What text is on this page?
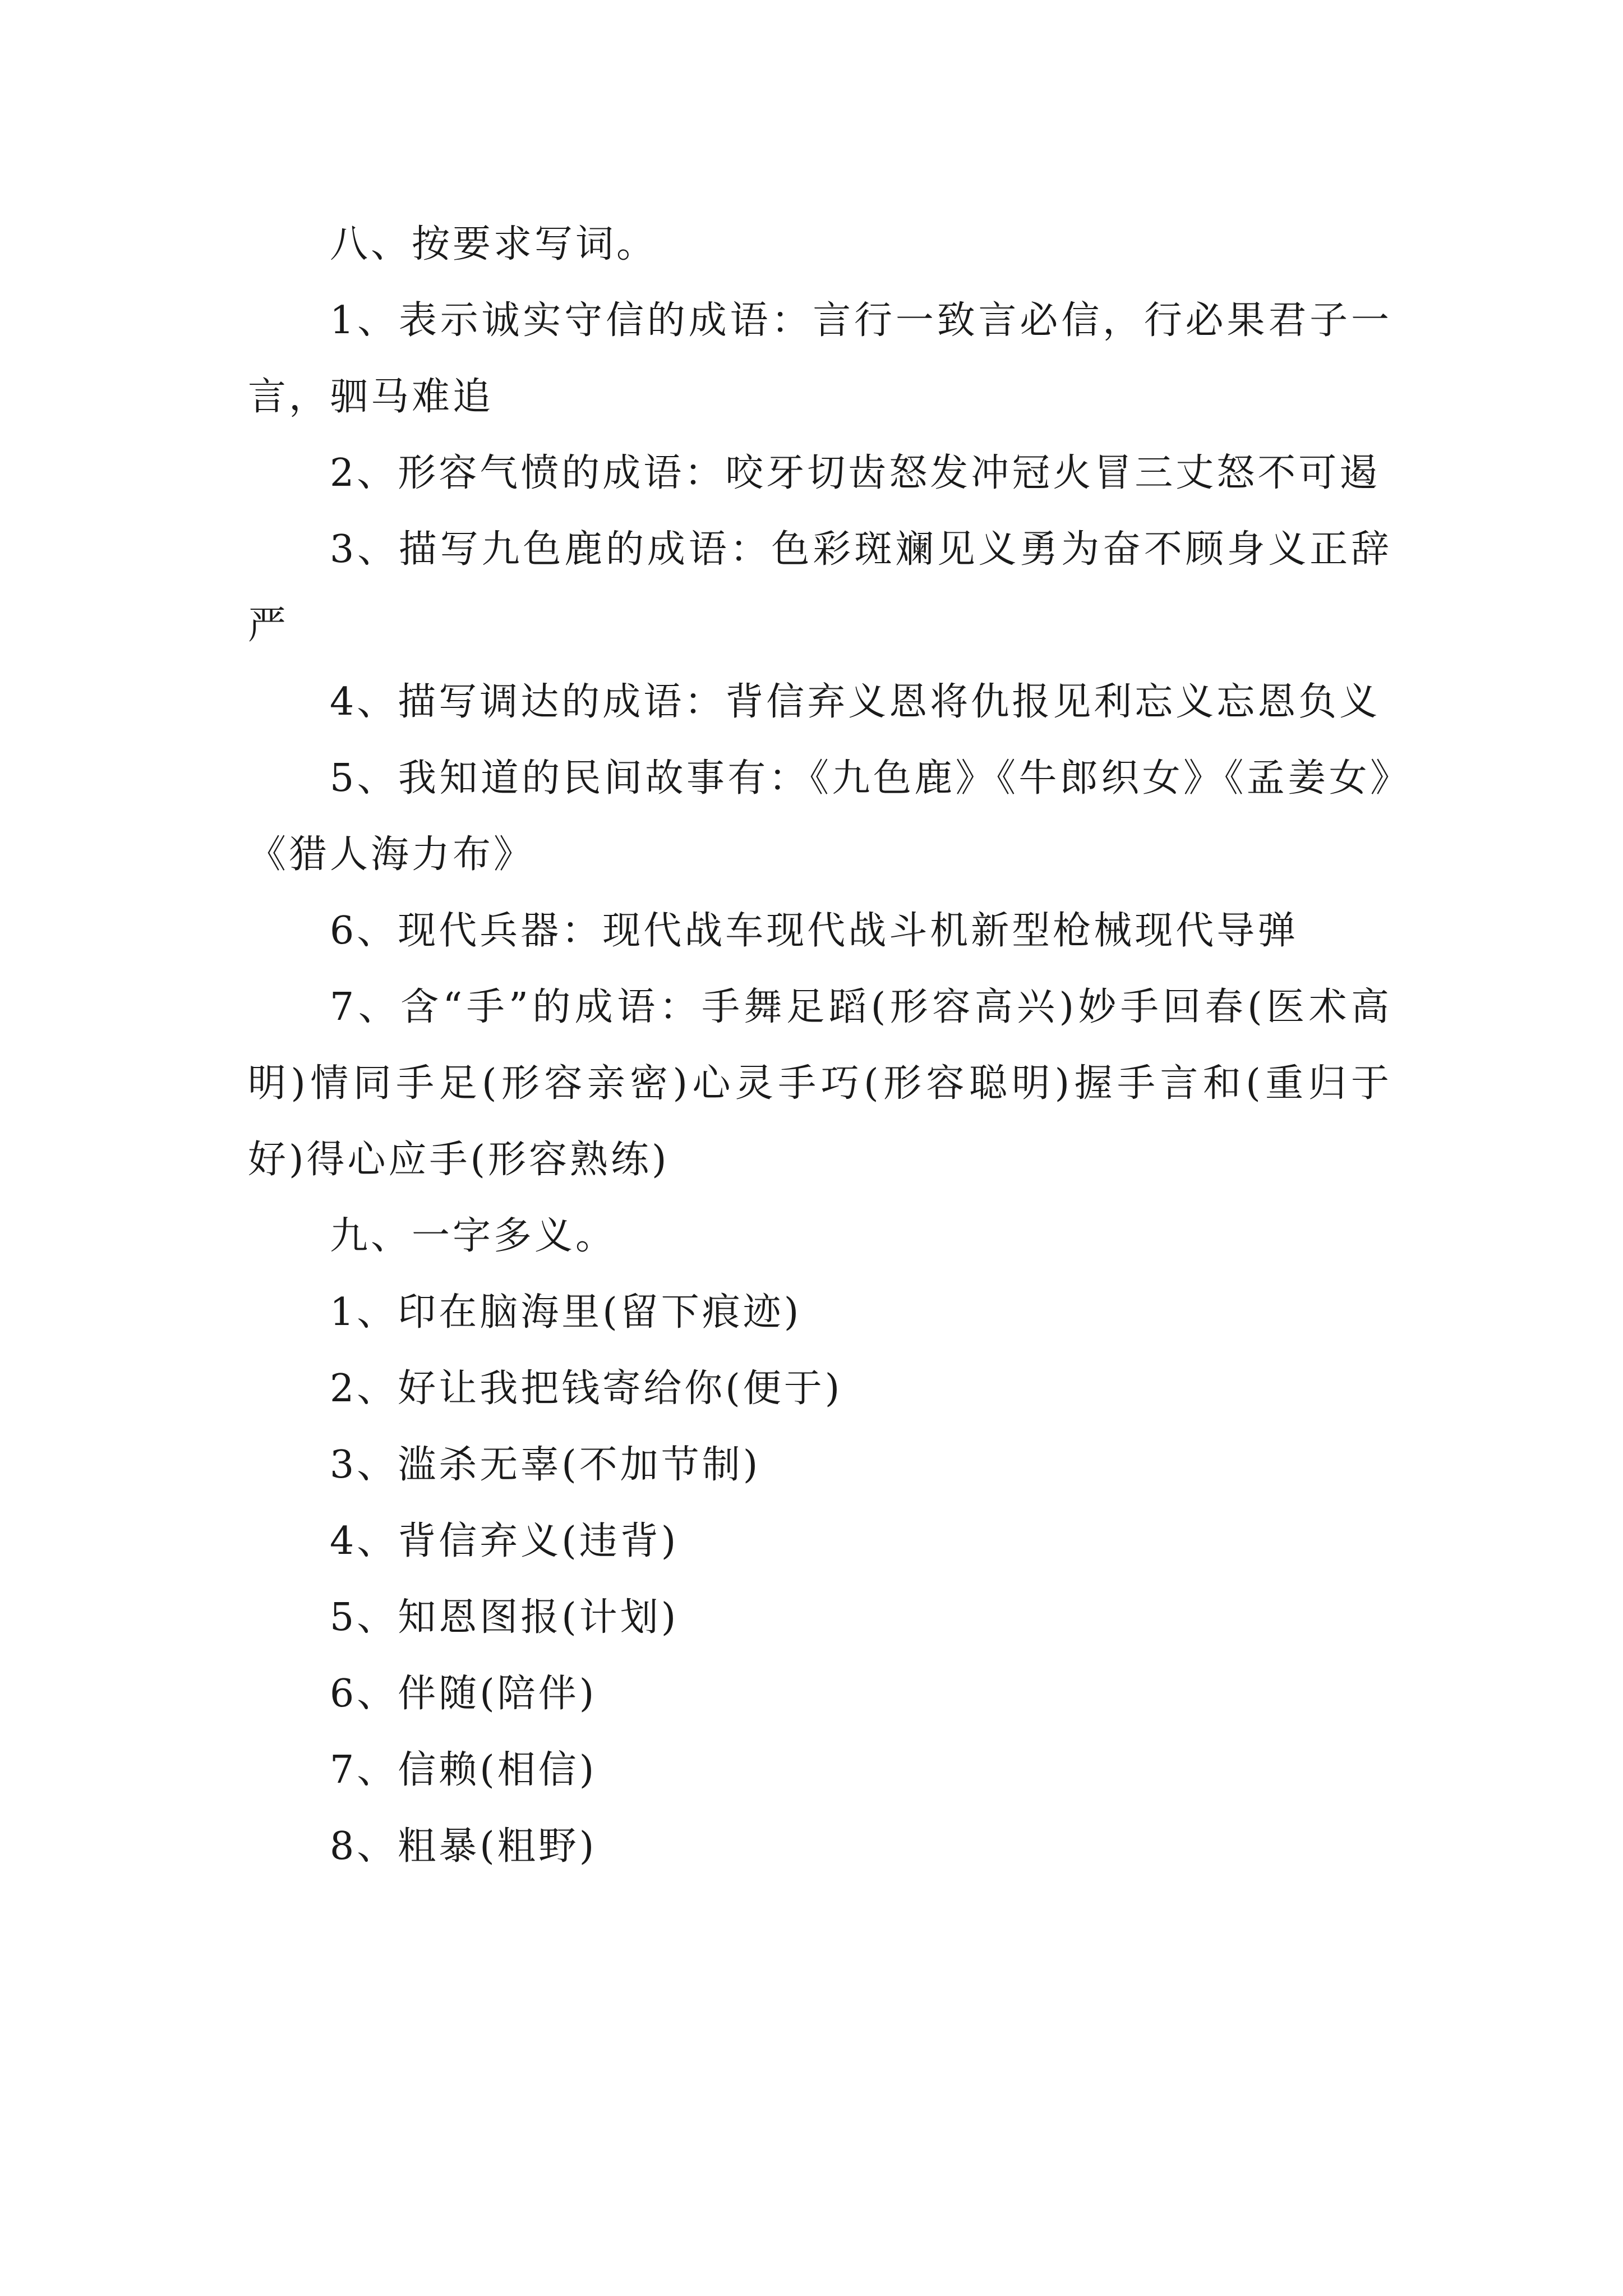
八、按要求写词。

1、表示诚实守信的成语：言行一致言必信，行必果君子一言，驷马难追

2、形容气愤的成语：咬牙切齿怒发冲冠火冒三丈怒不可遏

3、描写九色鹿的成语：色彩斑斓见义勇为奋不顾身义正辞严

4、描写调达的成语：背信弃义恩将仇报见利忘义忘恩负义

5、我知道的民间故事有：《九色鹿》《牛郎织女》《孟姜女》《猎人海力布》

6、现代兵器：现代战车现代战斗机新型枪械现代导弹

7、含“手”的成语：手舞足蹈(形容高兴)妙手回春(医术高明)情同手足(形容亲密)心灵手巧(形容聪明)握手言和(重归于好)得心应手(形容熟练)

九、一字多义。

1、印在脑海里(留下痕迹)

2、好让我把钱寄给你(便于)

3、滥杀无辜(不加节制)

4、背信弃义(违背)

5、知恩图报(计划)

6、伴随(陪伴)

7、信赖(相信)

8、粗暴(粗野)
